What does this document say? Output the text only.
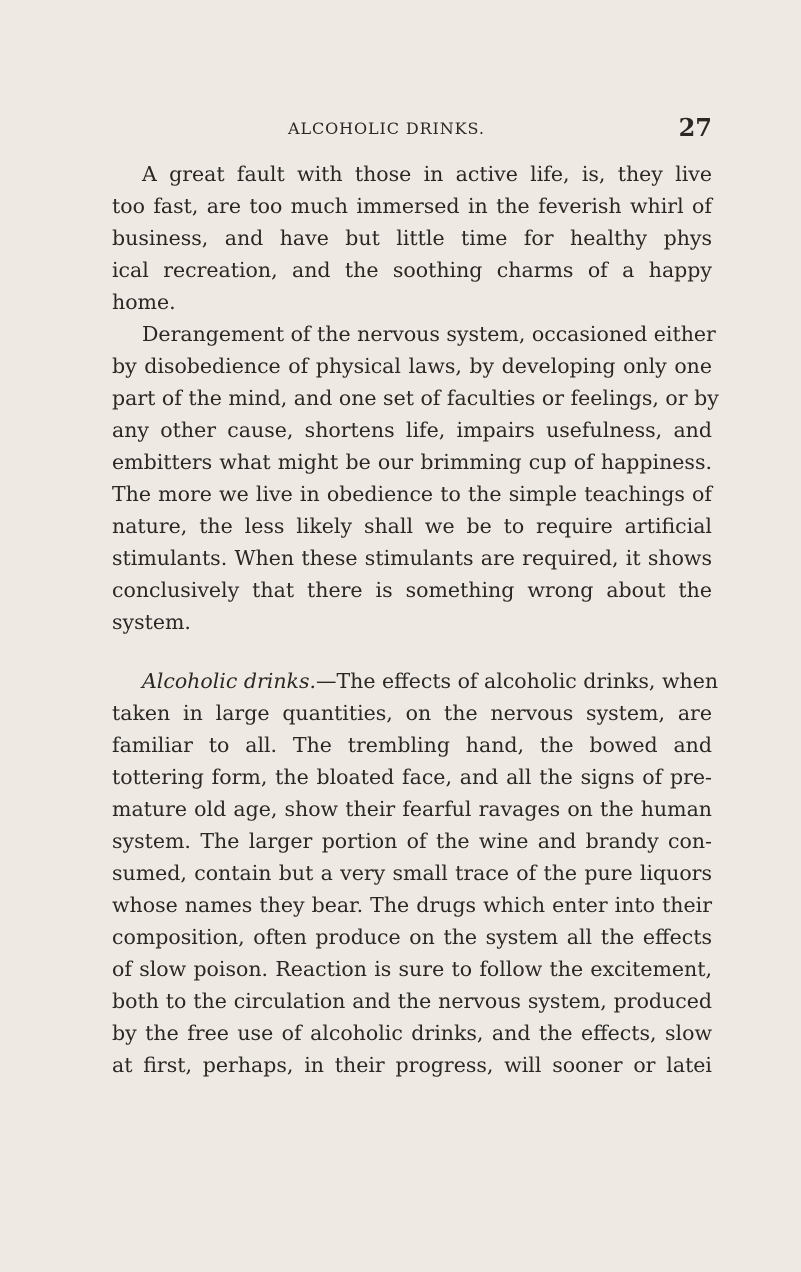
ALCOHOLIC DRINKS.	27
A great fault with those in active life, is, they live
too fast, are too much immersed in the feverish whirl of
business, and have but little time for healthy phys
ical recreation, and the soothing charms of a happy
home.
Derangement of the nervous system, occasioned either
by disobedience of physical laws, by developing only one
part of the mind, and one set of faculties or feelings, or by
any other cause, shortens life, impairs usefulness, and
embitters what might be our brimming cup of happiness.
The more we live in obedience to the simple teachings of
nature, the less likely shall we be to require artificial
stimulants. When these stimulants are required, it shows
conclusively that there is something wrong about the
system.
Alcoholic drinks.—The effects of alcoholic drinks, when
taken in large quantities, on the nervous system, are
familiar to all. The trembling hand, the bowed and
tottering form, the bloated face, and all the signs of pre-
mature old age, show their fearful ravages on the human
system. The larger portion of the wine and brandy con-
sumed, contain but a very small trace of the pure liquors
whose names they bear. The drugs which enter into their
composition, often produce on the system all the effects
of slow poison. Reaction is sure to follow the excitement,
both to the circulation and the nervous system, produced
by the free use of alcoholic drinks, and the effects, slow
at first, perhaps, in their progress, will sooner or latei
